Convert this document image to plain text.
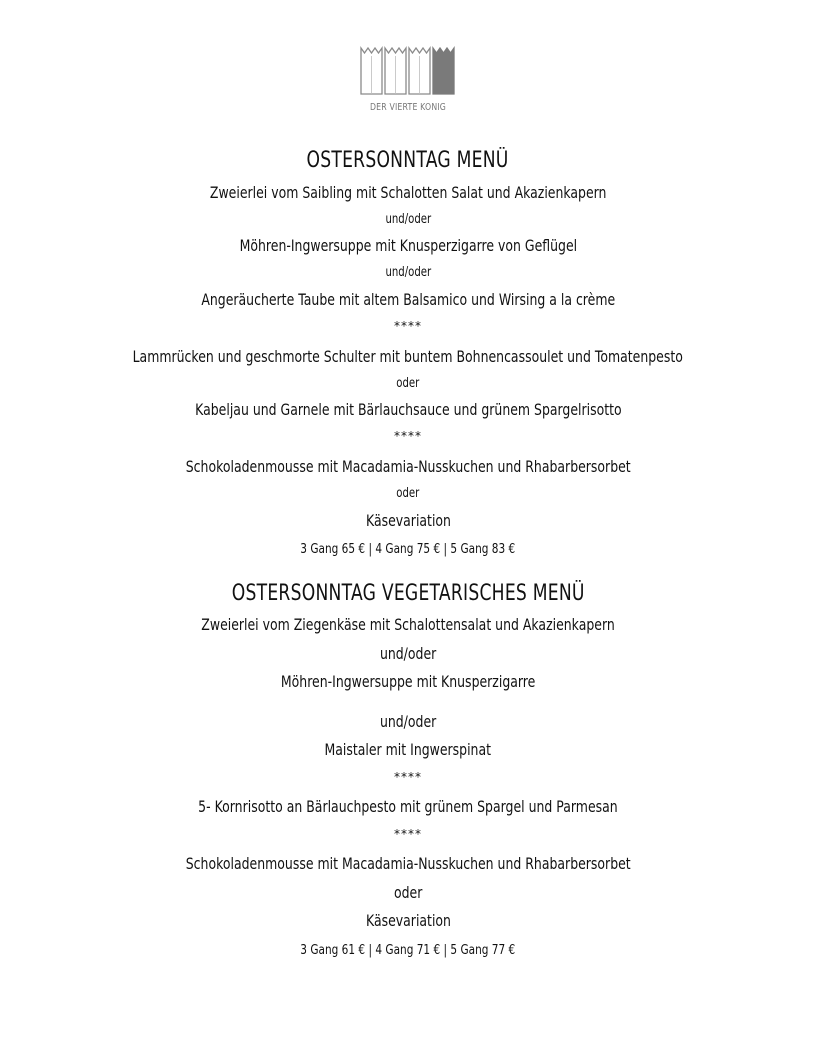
DER VIERTE KÖNIG
OSTERSONNTAG MENÜ
Zweierlei vom Saibling mit Schalotten Salat und Akazienkapern
und/oder
Möhren-Ingwersuppe mit Knusperzigarre von Geflügel
und/oder
Angeräucherte Taube mit altem Balsamico und Wirsing a la crème
****
Lammrücken und geschmorte Schulter mit buntem Bohnencassoulet und Tomatenpesto
oder
Kabeljau und Garnele mit Bärlauchsauce und grünem Spargelrisotto
****
Schokoladenmousse mit Macadamia-Nusskuchen und Rhabarbersorbet
oder
Käsevariation
3 Gang 65 € | 4 Gang 75 € | 5 Gang 83 €
OSTERSONNTAG VEGETARISCHES MENÜ
Zweierlei vom Ziegenkäse mit Schalottensalat und Akazienkapern
und/oder
Möhren-Ingwersuppe mit Knusperzigarre
und/oder
Maistaler mit Ingwerspinat
****
5- Kornrisotto an Bärlauchpesto mit grünem Spargel und Parmesan
****
Schokoladenmousse mit Macadamia-Nusskuchen und Rhabarbersorbet
oder
Käsevariation
3 Gang 61 € | 4 Gang 71 € | 5 Gang 77 €
